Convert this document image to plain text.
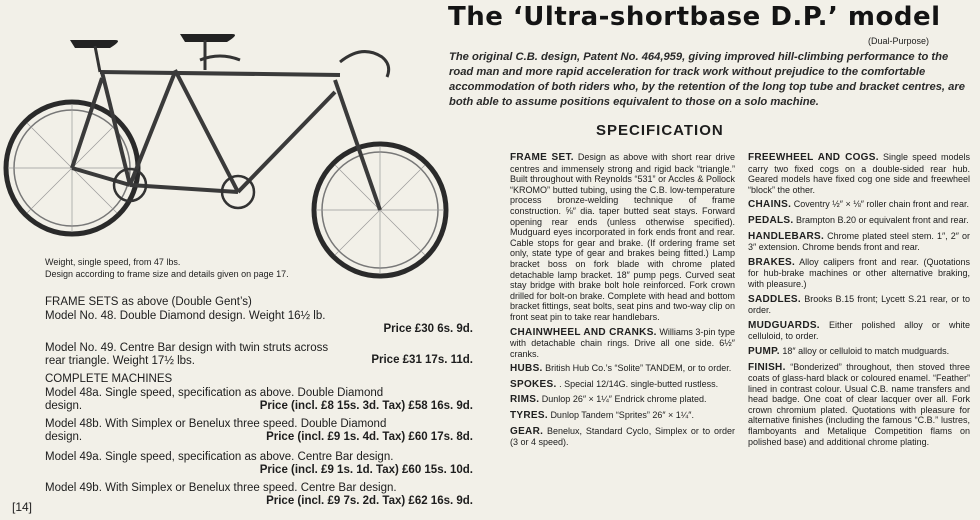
The ‘Ultra-shortbase D.P.’ model
(Dual-Purpose)
The original C.B. design, Patent No. 464,959, giving improved hill-climbing performance to the road man and more rapid acceleration for track work without prejudice to the comfortable accommodation of both riders who, by the retention of the long top tube and bracket centres, are both able to assume positions equivalent to those on a solo machine.
Weight, single speed, from 47 lbs.
Design according to frame size and details given on page 17.
FRAME SETS as above (Double Gent’s)
Model No. 48. Double Diamond design. Weight 16½ lb.
Price £30 6s. 9d.
Model No. 49. Centre Bar design with twin struts across rear triangle. Weight 17½ lbs.	Price £31 17s. 11d.
COMPLETE MACHINES
Model 48a. Single speed, specification as above. Double Diamond
design.	Price (incl. £8 15s. 3d. Tax) £58 16s. 9d.
Model 48b. With Simplex or Benelux three speed. Double Diamond
design.	Price (incl. £9 1s. 4d. Tax) £60 17s. 8d.
Model 49a. Single speed, specification as above. Centre Bar design.
Price (incl. £9 1s. 1d. Tax) £60 15s. 10d.
Model 49b. With Simplex or Benelux three speed. Centre Bar design.
Price (incl. £9 7s. 2d. Tax) £62 16s. 9d.
[14]
SPECIFICATION

FRAME SET. Design as above with short rear drive centres and immensely strong and rigid back “triangle.” Built throughout with Reynolds “531” or Accles & Pollock “KROMO” butted tubing, using the C.B. low-temperature process bronze-welding technique of frame construction. ⅝″ dia. taper butted seat stays. Forward opening rear ends (unless otherwise specified). Mudguard eyes incorporated in fork ends front and rear. Cable stops for gear and brake. (If ordering frame set only, state type of gear and brakes being fitted.) Lamp bracket boss on fork blade with chrome plated detachable lamp bracket. 18″ pump pegs. Curved seat stay bridge with brake bolt hole reinforced. Fork crown drilled for bolt-on brake. Complete with head and bottom bracket fittings, seat bolts, seat pins and two-way clip on front seat pin to take rear handlebars.

CHAINWHEEL AND CRANKS. Williams 3-pin type with detachable chain rings. Drive all one side. 6½″ cranks.

HUBS. British Hub Co.’s “Solite” TANDEM, or to order.

SPOKES. . Special 12/14G. single-butted rustless.

RIMS. Dunlop 26″ × 1¼″ Endrick chrome plated.

TYRES. Dunlop Tandem “Sprites” 26″ × 1¼″.

GEAR. Benelux, Standard Cyclo, Simplex or to order (3 or 4 speed).

FREEWHEEL AND COGS. Single speed models carry two fixed cogs on a double-sided rear hub. Geared models have fixed cog one side and freewheel “block” the other.

CHAINS. Coventry ½″ × ⅛″ roller chain front and rear.

PEDALS. Brampton B.20 or equivalent front and rear.

HANDLEBARS. Chrome plated steel stem. 1″, 2″ or 3″ extension. Chrome bends front and rear.

BRAKES. Alloy calipers front and rear. (Quotations for hub-brake machines or other alternative braking, with pleasure.)

SADDLES. Brooks B.15 front; Lycett S.21 rear, or to order.

MUDGUARDS. Either polished alloy or white celluloid, to order.

PUMP. 18″ alloy or celluloid to match mudguards.

FINISH. “Bonderized” throughout, then stoved three coats of glass-hard black or coloured enamel. “Feather” lined in contrast colour. Usual C.B. name transfers and head badge. One coat of clear lacquer over all. Fork crown chromium plated. Quotations with pleasure for alternative finishes (including the famous “C.B.” lustres, flamboyants and Metalique Competition flams on polished base) and additional chrome plating.
